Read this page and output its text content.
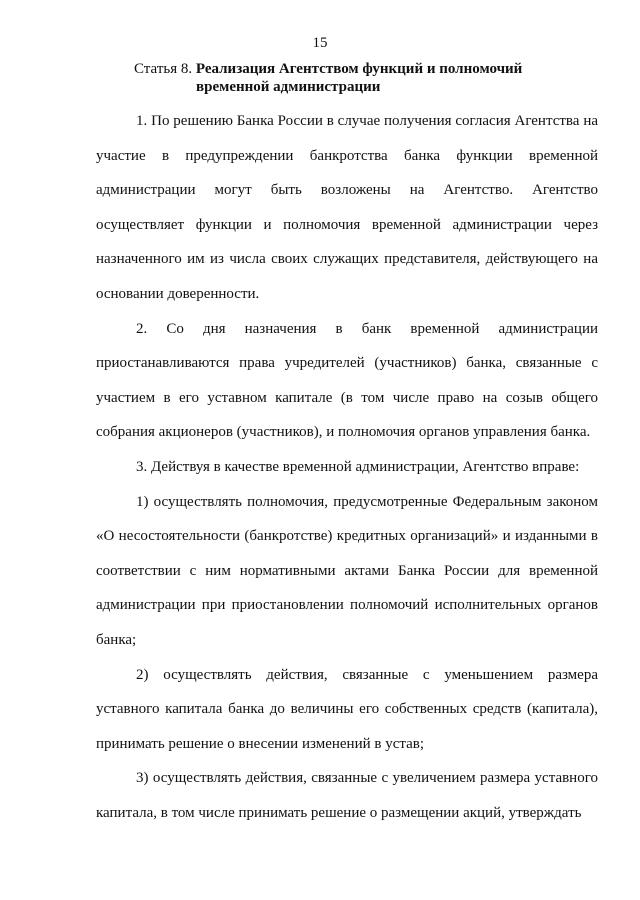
15
Статья 8. Реализация Агентством функций и полномочий
временной администрации

1. По решению Банка России в случае получения согласия Агентства на участие в предупреждении банкротства банка функции временной администрации могут быть возложены на Агентство. Агентство осуществляет функции и полномочия временной администрации через назначенного им из числа своих служащих представителя, действующего на основании доверенности.

2. Со дня назначения в банк временной администрации приостанавливаются права учредителей (участников) банка, связанные с участием в его уставном капитале (в том числе право на созыв общего собрания акционеров (участников), и полномочия органов управления банка.

3. Действуя в качестве временной администрации, Агентство вправе:

1) осуществлять полномочия, предусмотренные Федеральным законом «О несостоятельности (банкротстве) кредитных организаций» и изданными в соответствии с ним нормативными актами Банка России для временной администрации при приостановлении полномочий исполнительных органов банка;

2) осуществлять действия, связанные с уменьшением размера уставного капитала банка до величины его собственных средств (капитала), принимать решение о внесении изменений в устав;

3) осуществлять действия, связанные с увеличением размера уставного капитала, в том числе принимать решение о размещении акций, утверждать
